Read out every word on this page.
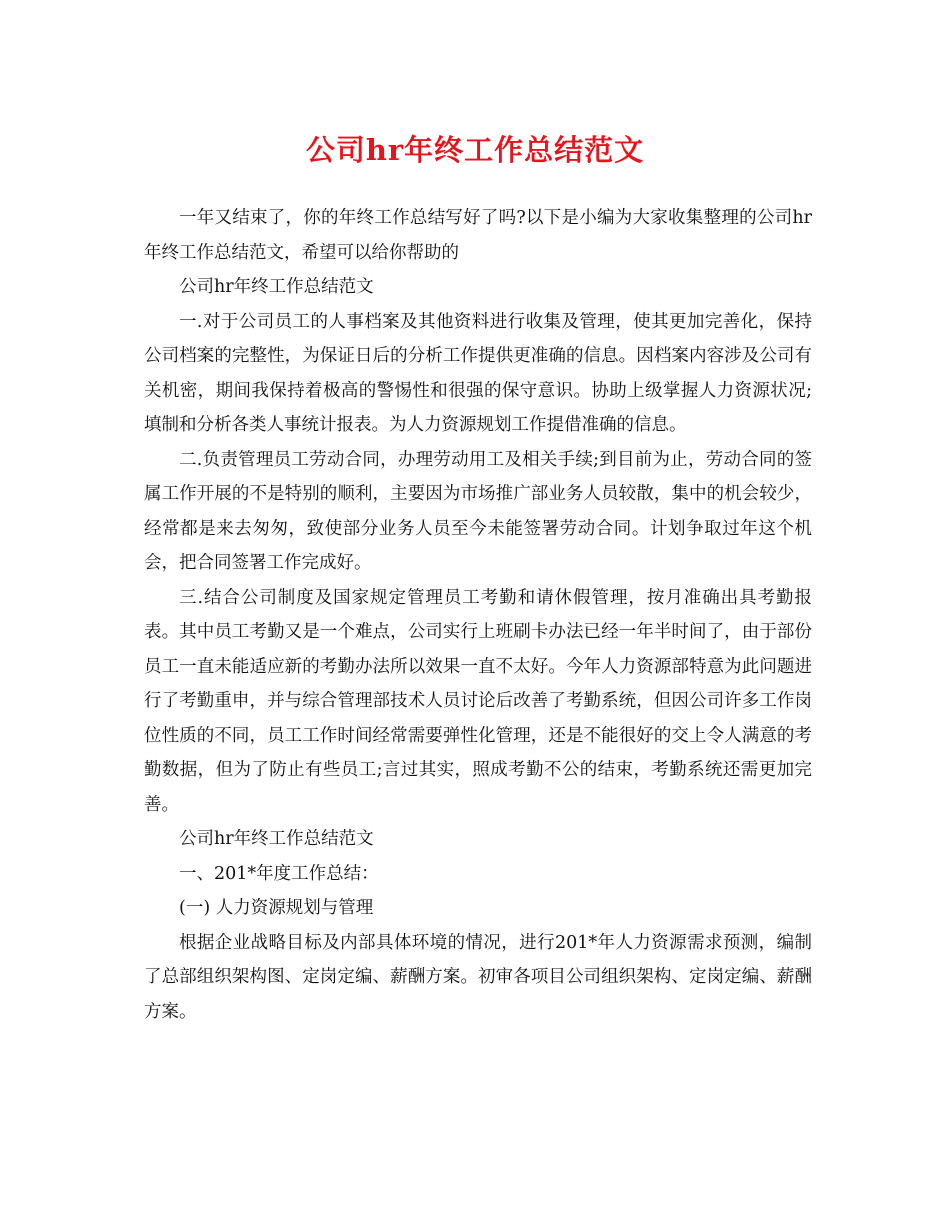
公司hr年终工作总结范文

一年又结束了，你的年终工作总结写好了吗?以下是小编为大家收集整理的公司hr年终工作总结范文，希望可以给你帮助的

公司hr年终工作总结范文

一.对于公司员工的人事档案及其他资料进行收集及管理，使其更加完善化，保持公司档案的完整性，为保证日后的分析工作提供更准确的信息。因档案内容涉及公司有关机密，期间我保持着极高的警惕性和很强的保守意识。协助上级掌握人力资源状况;填制和分析各类人事统计报表。为人力资源规划工作提借准确的信息。

二.负责管理员工劳动合同，办理劳动用工及相关手续;到目前为止，劳动合同的签属工作开展的不是特别的顺利，主要因为市场推广部业务人员较散，集中的机会较少，经常都是来去匆匆，致使部分业务人员至今未能签署劳动合同。计划争取过年这个机会，把合同签署工作完成好。

三.结合公司制度及国家规定管理员工考勤和请休假管理，按月准确出具考勤报表。其中员工考勤又是一个难点，公司实行上班刷卡办法已经一年半时间了，由于部份员工一直未能适应新的考勤办法所以效果一直不太好。今年人力资源部特意为此问题进行了考勤重申，并与综合管理部技术人员讨论后改善了考勤系统，但因公司许多工作岗位性质的不同，员工工作时间经常需要弹性化管理，还是不能很好的交上令人满意的考勤数据，但为了防止有些员工;言过其实，照成考勤不公的结束，考勤系统还需更加完善。

公司hr年终工作总结范文

一、201*年度工作总结：

(一) 人力资源规划与管理

根据企业战略目标及内部具体环境的情况，进行201*年人力资源需求预测，编制了总部组织架构图、定岗定编、薪酬方案。初审各项目公司组织架构、定岗定编、薪酬方案。
